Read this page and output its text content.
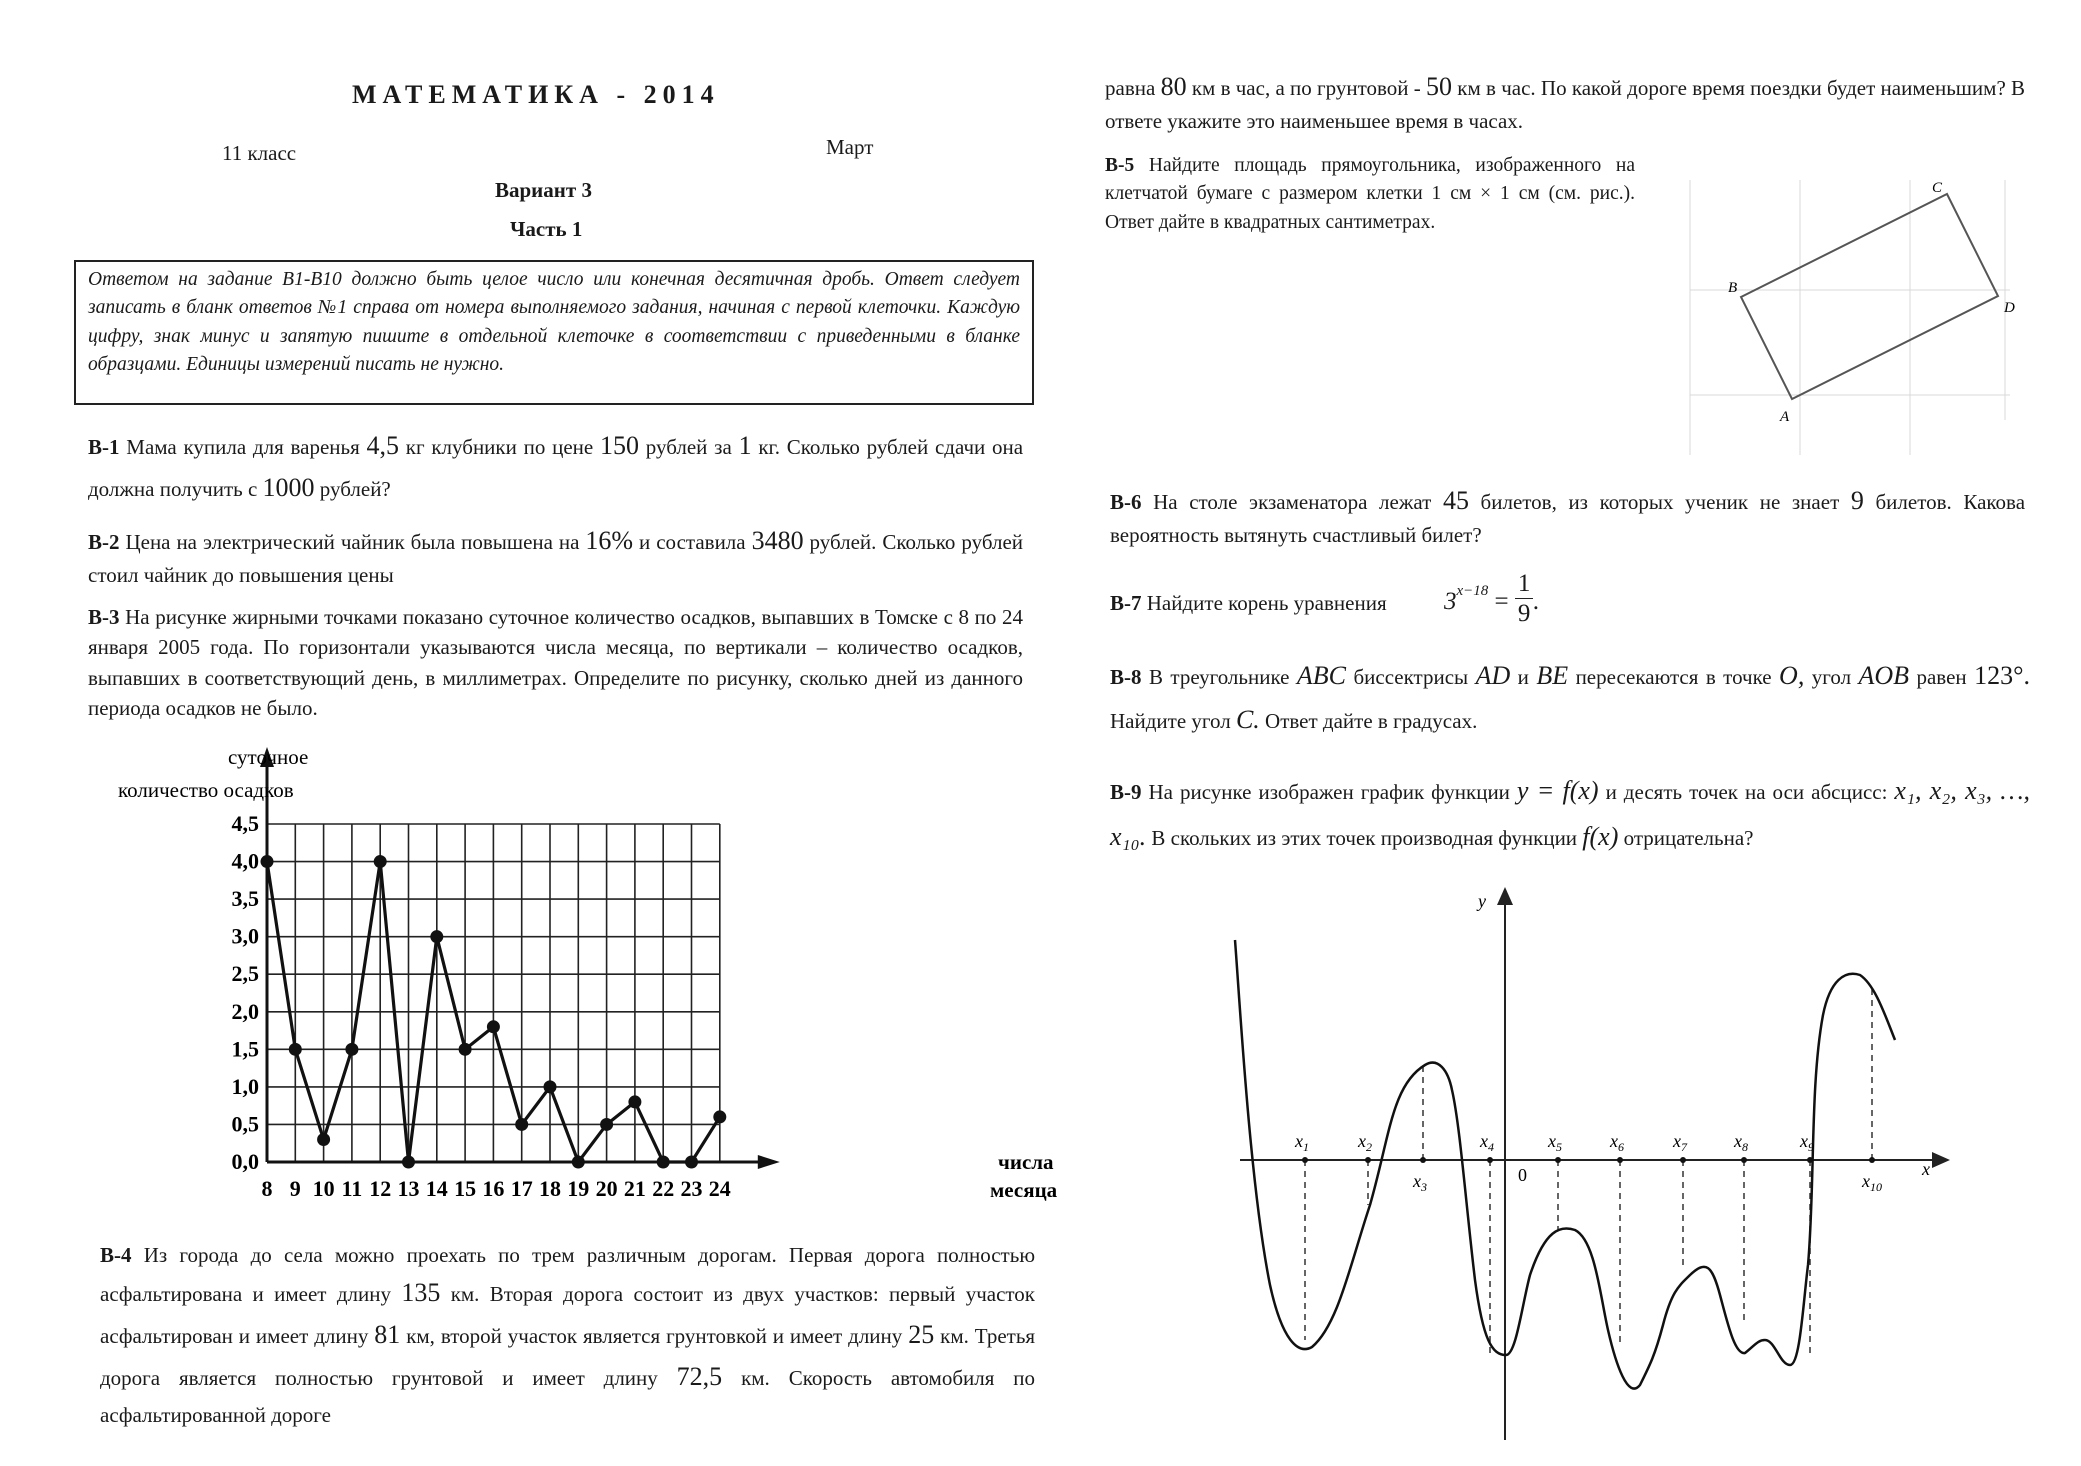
МАТЕМАТИКА - 2014
11 класс	Март
Вариант 3
Часть 1
Ответом на задание В1-В10 должно быть целое число или конечная десятичная дробь. Ответ следует записать в бланк ответов №1 справа от номера выполняемого задания, начиная с первой клеточки. Каждую цифру, знак минус и запятую пишите в отдельной клеточке в соответствии с приведенными в бланке образцами. Единицы измерений писать не нужно.
В-1 Мама купила для варенья 4,5 кг клубники по цене 150 рублей за 1 кг. Сколько рублей сдачи она должна получить с 1000 рублей?
В-2 Цена на электрический чайник была повышена на 16% и составила 3480 рублей. Сколько рублей стоил чайник до повышения цены
В-3 На рисунке жирными точками показано суточное количество осадков, выпавших в Томске с 8 по 24 января 2005 года. По горизонтали указываются числа месяца, по вертикали – количество осадков, выпавших в соответствующий день, в миллиметрах. Определите по рисунку, сколько дней из данного периода осадков не было.
0,0
0,5
1,0
1,5
2,0
2,5
3,0
3,5
4,0
4,5
8 9 10 11 12 13 14 15 16 17 18 19 20 21 22 23 24
суточное
количество осадков
числа
месяца
В-4 Из города до села можно проехать по трем различным дорогам. Первая дорога полностью асфальтирована и имеет длину 135 км. Вторая дорога состоит из двух участков: первый участок асфальтирован и имеет длину 81 км, второй участок является грунтовкой и имеет длину 25 км. Третья дорога является полностью грунтовой и имеет длину 72,5 км. Скорость автомобиля по асфальтированной дороге
равна 80 км в час, а по грунтовой - 50 км в час. По какой дороге время поездки будет наименьшим? В ответе укажите это наименьшее время в часах.
В-5 Найдите площадь прямоугольника, изображенного на клетчатой бумаге с размером клетки 1 см × 1 см (см. рис.). Ответ дайте в квадратных сантиметрах.
B
C
D
A
В-6 На столе экзаменатора лежат 45 билетов, из которых ученик не знает 9 билетов. Какова вероятность вытянуть счастливый билет?
В-7 Найдите корень уравнения $3x-18 = \frac{1}{9}$ .
В-8 В треугольнике ABC биссектрисы AD и BE пересекаются в точке O, угол AOB равен 123°. Найдите угол C. Ответ дайте в градусах.
В-9 На рисунке изображен график функции y = f(x) и десять точек на оси абсцисс: x₁, x₂, x₃, …, x₁₀. В скольких из этих точек производная функции f(x) отрицательна?
y
x
0
$x_1$	$x_2$
$x_3$
$x_4$	$x_5$	$x_6$	$x_7$	$x_8$	$x_9$
$x_{10}$
